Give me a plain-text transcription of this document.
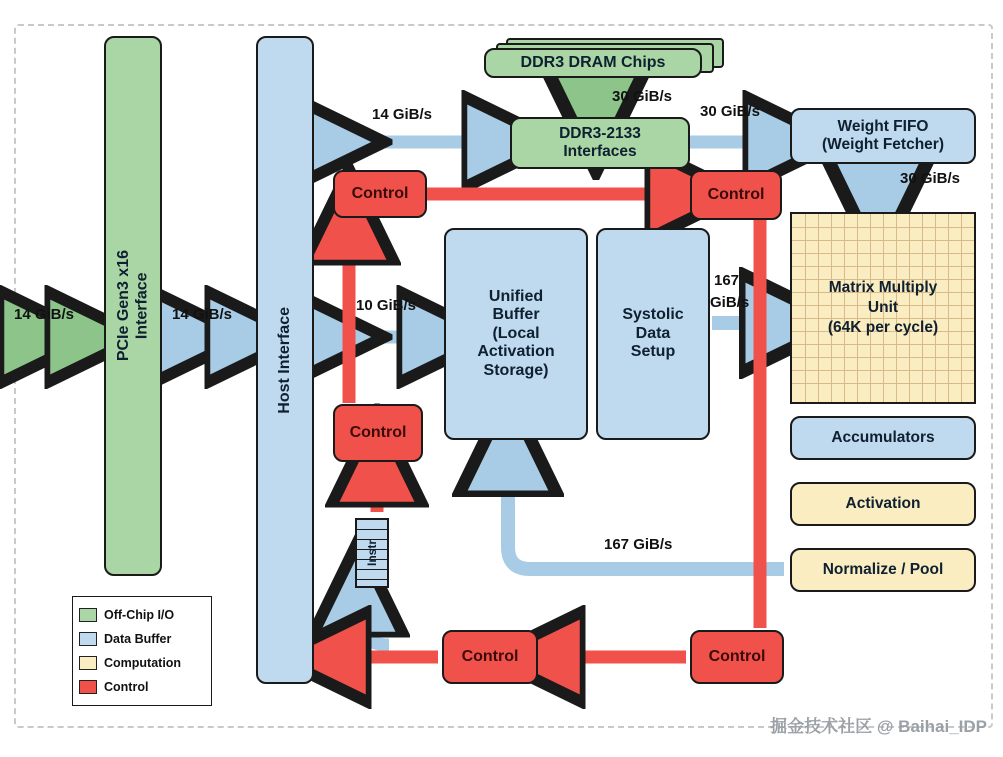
PCIe Gen3 x16
Interface
Host Interface
DDR3 DRAM Chips
DDR3-2133
Interfaces
Weight FIFO
(Weight Fetcher)
Matrix Multiply
Unit
(64K per cycle)
Accumulators
Activation
Normalize / Pool
Unified
Buffer
(Local
Activation
Storage)
Systolic
Data
Setup
Control	Control
Control
Control	Control
Instr
14 GiB/s	14 GiB/s
14 GiB/s
30 GiB/s
30 GiB/s
30 GiB/s
10 GiB/s
167
GiB/s
167 GiB/s
Off-Chip I/O
Data Buffer
Computation
Control
掘金技术社区 @ Baihai_IDP
